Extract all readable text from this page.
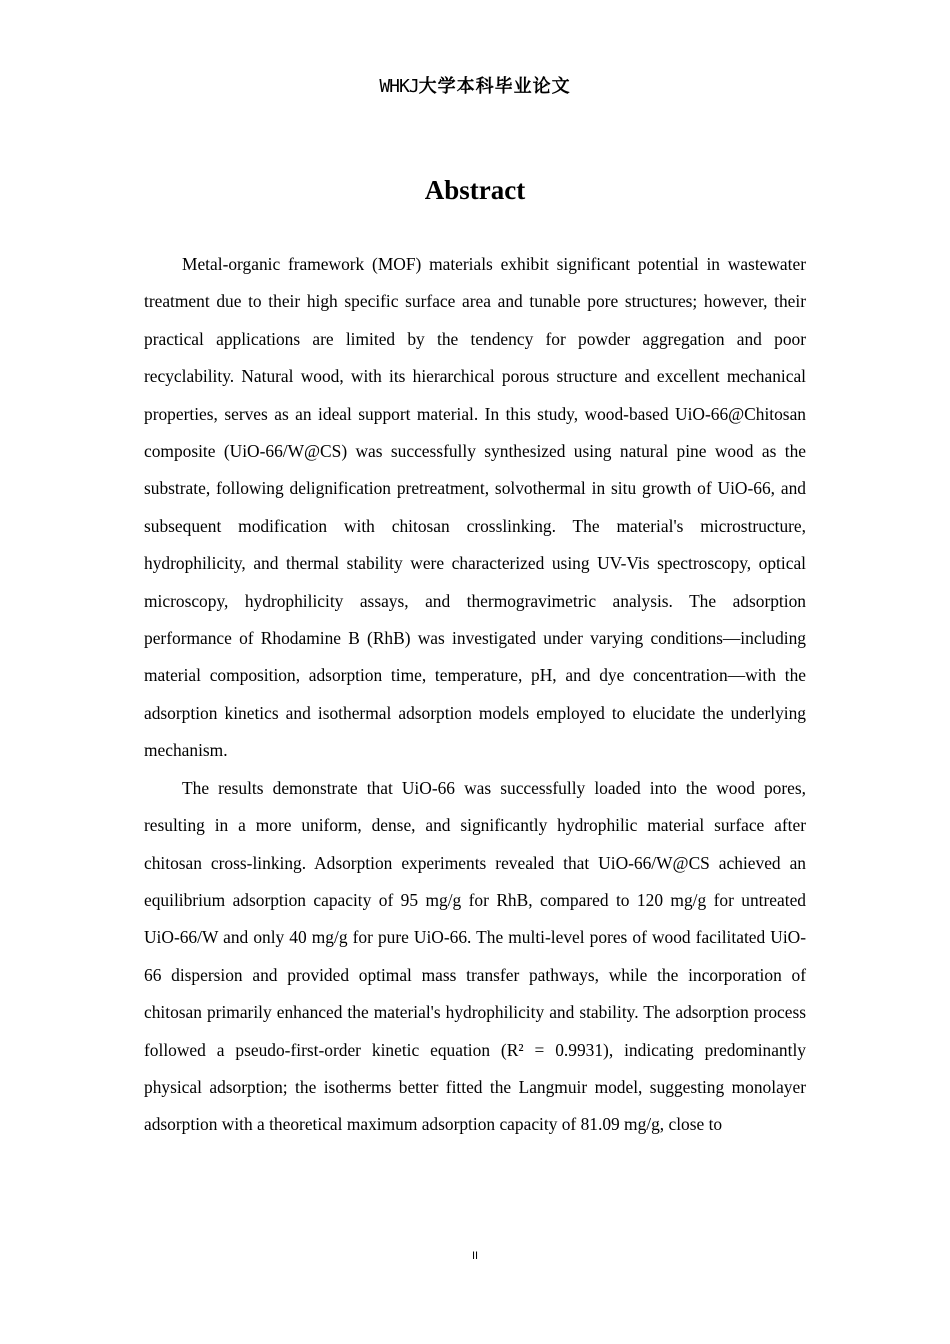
WHKJ大学本科毕业论文
Abstract

Metal-organic framework (MOF) materials exhibit significant potential in wastewater treatment due to their high specific surface area and tunable pore structures; however, their practical applications are limited by the tendency for powder aggregation and poor recyclability. Natural wood, with its hierarchical porous structure and excellent mechanical properties, serves as an ideal support material. In this study, wood-based UiO-66@Chitosan composite (UiO-66/W@CS) was successfully synthesized using natural pine wood as the substrate, following delignification pretreatment, solvothermal in situ growth of UiO-66, and subsequent modification with chitosan crosslinking. The material's microstructure, hydrophilicity, and thermal stability were characterized using UV-Vis spectroscopy, optical microscopy, hydrophilicity assays, and thermogravimetric analysis. The adsorption performance of Rhodamine B (RhB) was investigated under varying conditions—including material composition, adsorption time, temperature, pH, and dye concentration—with the adsorption kinetics and isothermal adsorption models employed to elucidate the underlying mechanism.

The results demonstrate that UiO-66 was successfully loaded into the wood pores, resulting in a more uniform, dense, and significantly hydrophilic material surface after chitosan cross-linking. Adsorption experiments revealed that UiO-66/W@CS achieved an equilibrium adsorption capacity of 95 mg/g for RhB, compared to 120 mg/g for untreated UiO-66/W and only 40 mg/g for pure UiO-66. The multi-level pores of wood facilitated UiO-66 dispersion and provided optimal mass transfer pathways, while the incorporation of chitosan primarily enhanced the material's hydrophilicity and stability. The adsorption process followed a pseudo-first-order kinetic equation (R² = 0.9931), indicating predominantly physical adsorption; the isotherms better fitted the Langmuir model, suggesting monolayer adsorption with a theoretical maximum adsorption capacity of 81.09 mg/g, close to

II
